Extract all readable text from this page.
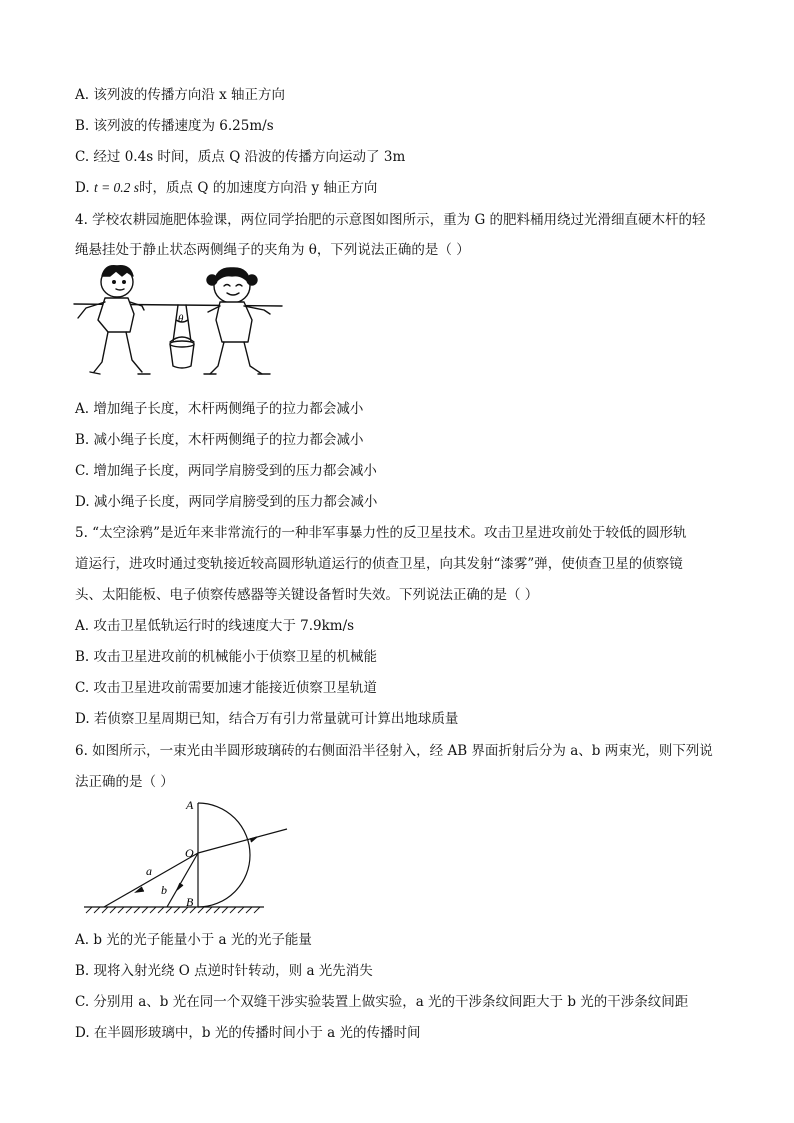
A. 该列波的传播方向沿 x 轴正方向
B. 该列波的传播速度为 6.25m/s
C. 经过 0.4s 时间，质点 Q 沿波的传播方向运动了 3m
D. t = 0.2 s时，质点 Q 的加速度方向沿 y 轴正方向
4. 学校农耕园施肥体验课，两位同学抬肥的示意图如图所示，重为 G 的肥料桶用绕过光滑细直硬木杆的轻
绳悬挂处于静止状态两侧绳子的夹角为 θ，下列说法正确的是（ ）
θ
A. 增加绳子长度，木杆两侧绳子的拉力都会减小
B. 减小绳子长度，木杆两侧绳子的拉力都会减小
C. 增加绳子长度，两同学肩膀受到的压力都会减小
D. 减小绳子长度，两同学肩膀受到的压力都会减小
5. “太空涂鸦”是近年来非常流行的一种非军事暴力性的反卫星技术。攻击卫星进攻前处于较低的圆形轨
道运行，进攻时通过变轨接近较高圆形轨道运行的侦查卫星，向其发射“漆雾”弹，使侦查卫星的侦察镜
头、太阳能板、电子侦察传感器等关键设备暂时失效。下列说法正确的是（ ）
A. 攻击卫星低轨运行时的线速度大于 7.9km/s
B. 攻击卫星进攻前的机械能小于侦察卫星的机械能
C. 攻击卫星进攻前需要加速才能接近侦察卫星轨道
D. 若侦察卫星周期已知，结合万有引力常量就可计算出地球质量
6. 如图所示，一束光由半圆形玻璃砖的右侧面沿半径射入，经 AB 界面折射后分为 a、b 两束光，则下列说
法正确的是（ ）
A
O
B
a
b
A. b 光的光子能量小于 a 光的光子能量
B. 现将入射光绕 O 点逆时针转动，则 a 光先消失
C. 分别用 a、b 光在同一个双缝干涉实验装置上做实验，a 光的干涉条纹间距大于 b 光的干涉条纹间距
D. 在半圆形玻璃中，b 光的传播时间小于 a 光的传播时间
